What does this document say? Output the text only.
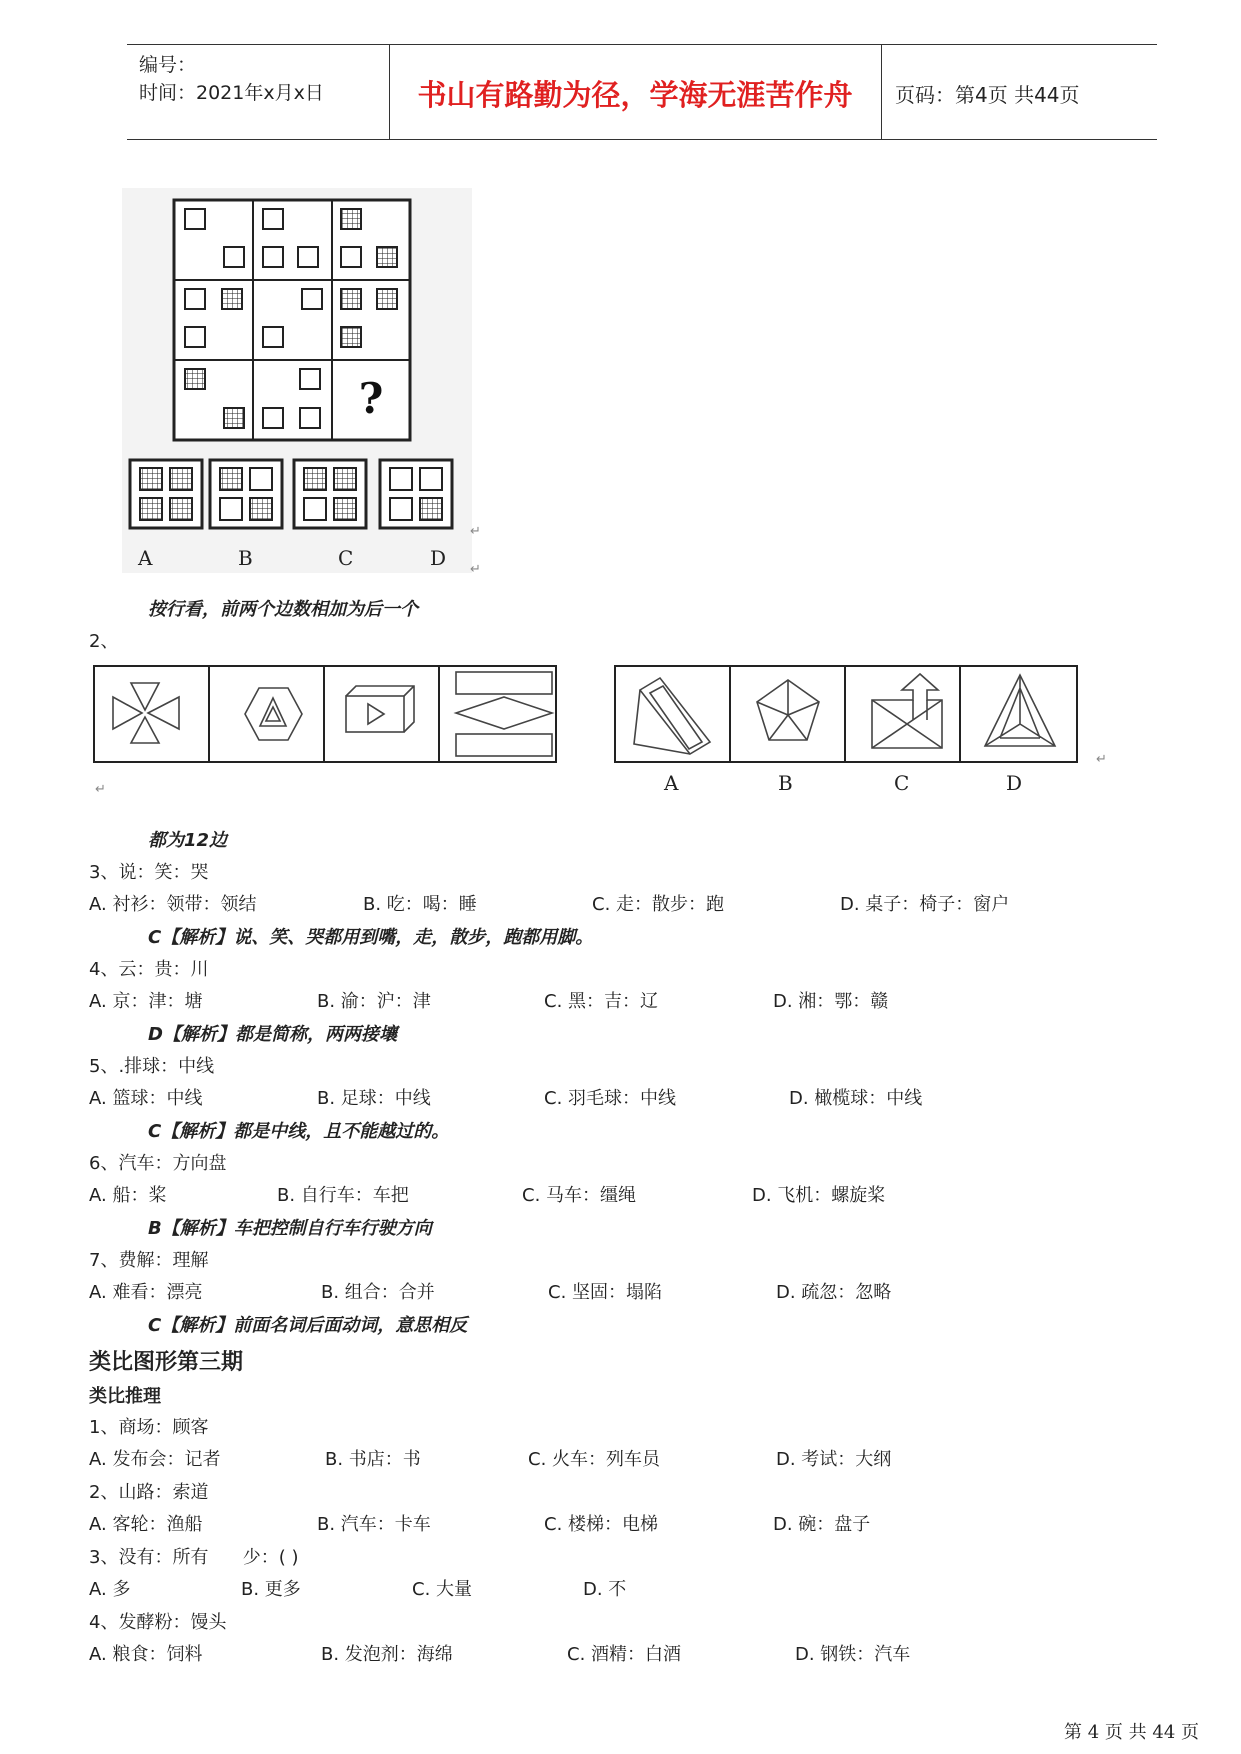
编号：
时间：2021年x月x日	书山有路勤为径，学海无涯苦作舟	页码：第4页 共44页
?
A	B	C	D
↵
↵
按行看，前两个边数相加为后一个
2、
A	B	C	D
↵
↵
都为12边
3、说：笑：哭
A. 衬衫：领带：领结	B. 吃：喝：睡	C. 走：散步：跑	D. 桌子：椅子：窗户
C【解析】说、笑、哭都用到嘴，走，散步，跑都用脚。
4、云：贵：川
A. 京：津：塘	B. 渝：沪：津	C. 黑：吉：辽	D. 湘：鄂：赣
D【解析】都是简称，两两接壤
5、.排球：中线
A. 篮球：中线	B. 足球：中线	C. 羽毛球：中线	D. 橄榄球：中线
C【解析】都是中线，且不能越过的。
6、汽车：方向盘
A. 船：桨	B. 自行车：车把	C. 马车：缰绳	D. 飞机：螺旋桨
B【解析】车把控制自行车行驶方向
7、费解：理解
A. 难看：漂亮	B. 组合：合并	C. 坚固：塌陷	D. 疏忽：忽略
C【解析】前面名词后面动词，意思相反
类比图形第三期
类比推理
1、商场：顾客
A. 发布会：记者	B. 书店：书	C. 火车：列车员	D. 考试：大纲
2、山路：索道
A. 客轮：渔船	B. 汽车：卡车	C. 楼梯：电梯	D. 碗：盘子
3、没有：所有      少：( )
A. 多	B. 更多	C. 大量	D. 不
4、发酵粉：馒头
A. 粮食：饲料	B. 发泡剂：海绵	C. 酒精：白酒	D. 钢铁：汽车
第 4 页 共 44 页
